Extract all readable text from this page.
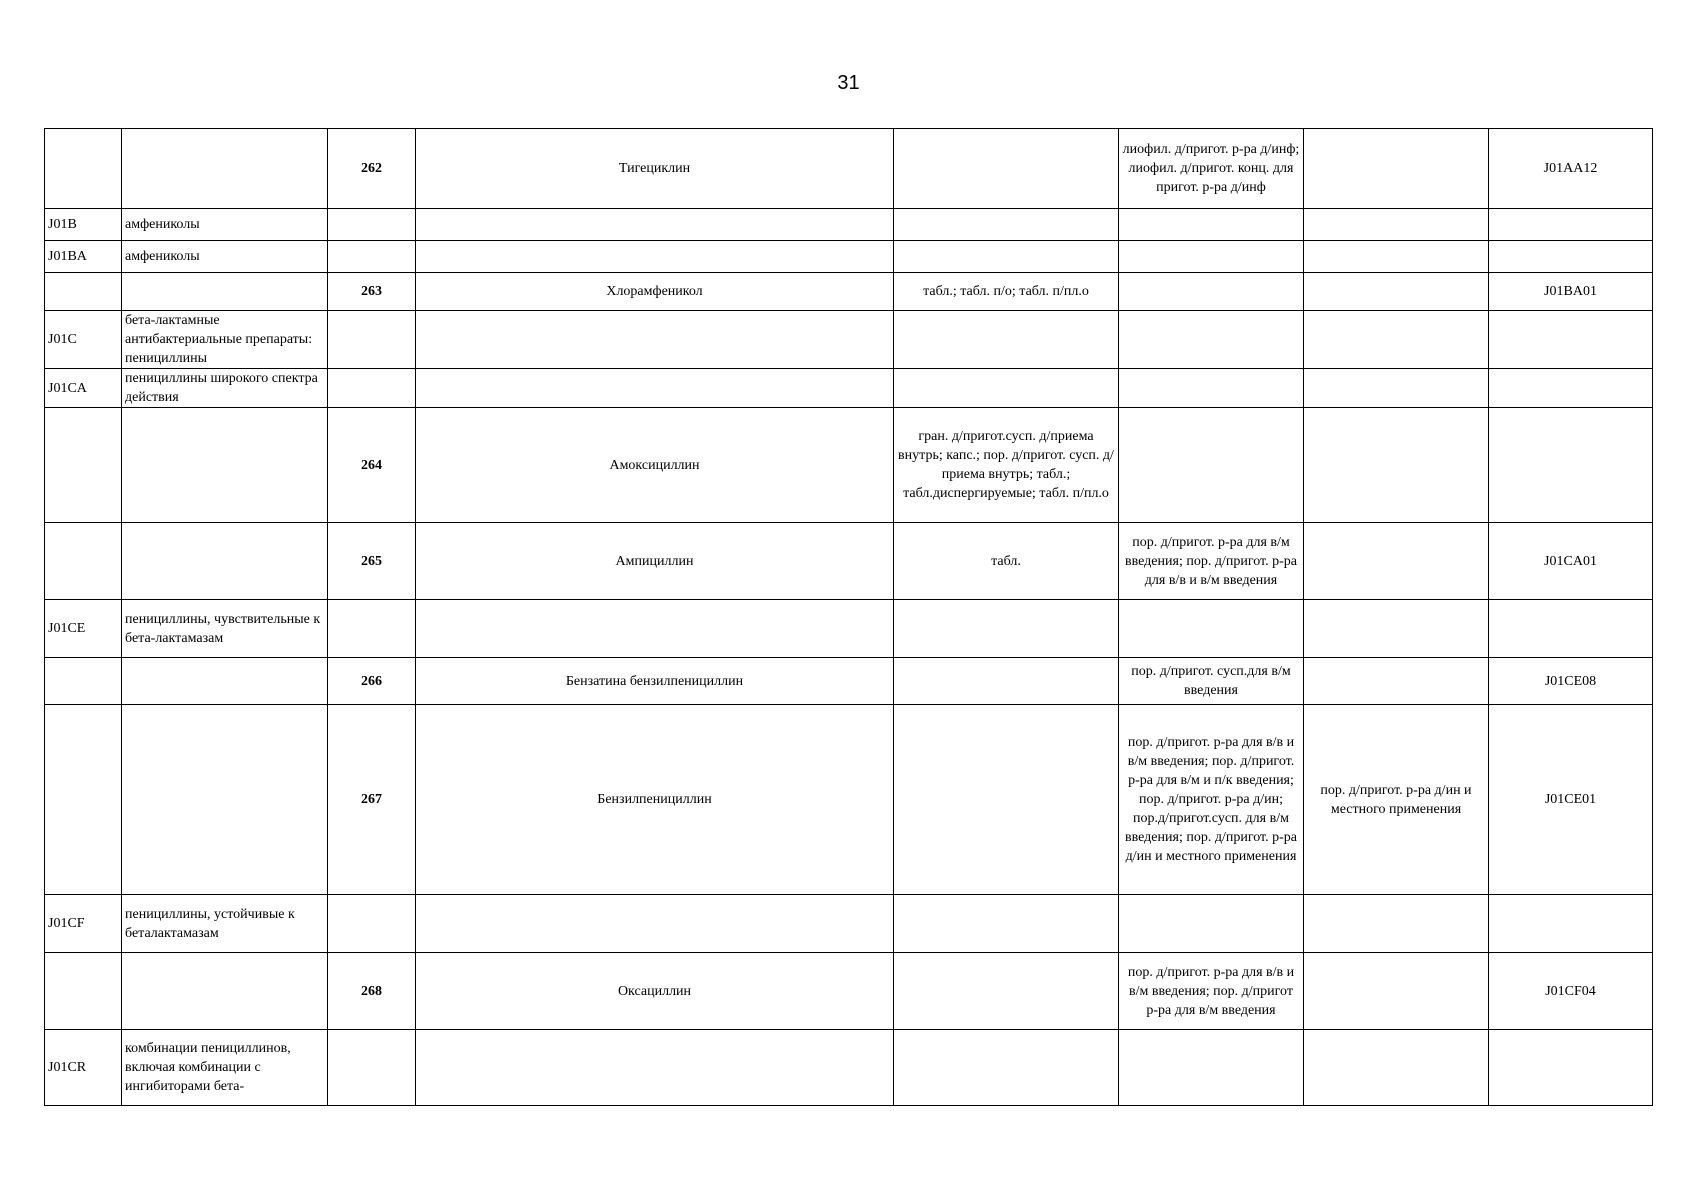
31
		262	Тигециклин		лиофил. д/пригот. р-ра д/инф; лиофил. д/пригот. конц. для пригот. р-ра д/инф		J01AA12
J01B	амфениколы						
J01BA	амфениколы						
		263	Хлорамфеникол	табл.; табл. п/о; табл. п/пл.о			J01BA01
J01C	бета-лактамные антибактериальные препараты: пенициллины						
J01CA	пенициллины широкого спектра действия						
		264	Амоксициллин	гран. д/пригот.сусп. д/приема внутрь; капс.; пор. д/пригот. сусп. д/приема внутрь; табл.; табл.диспергируемые; табл. п/пл.о			
		265	Ампициллин	табл.	пор. д/пригот. р-ра для в/м введения; пор. д/пригот. р-ра для в/в и в/м введения		J01CA01
J01CE	пенициллины, чувствительные к бета-лактамазам						
		266	Бензатина бензилпенициллин		пор. д/пригот. сусп.для в/м введения		J01CE08
		267	Бензилпенициллин		пор. д/пригот. р-ра для в/в и в/м введения; пор. д/пригот. р-ра для в/м и п/к введения; пор. д/пригот. р-ра д/ин; пор.д/пригот.сусп. для в/м введения; пор. д/пригот. р-ра д/ин и местного применения	пор. д/пригот. р-ра д/ин и местного применения	J01CE01
J01CF	пенициллины, устойчивые к беталактамазам						
		268	Оксациллин		пор. д/пригот. р-ра для в/в и в/м введения; пор. д/пригот р-ра для в/м введения		J01CF04
J01CR	комбинации пенициллинов, включая комбинации с ингибиторами бета-						
